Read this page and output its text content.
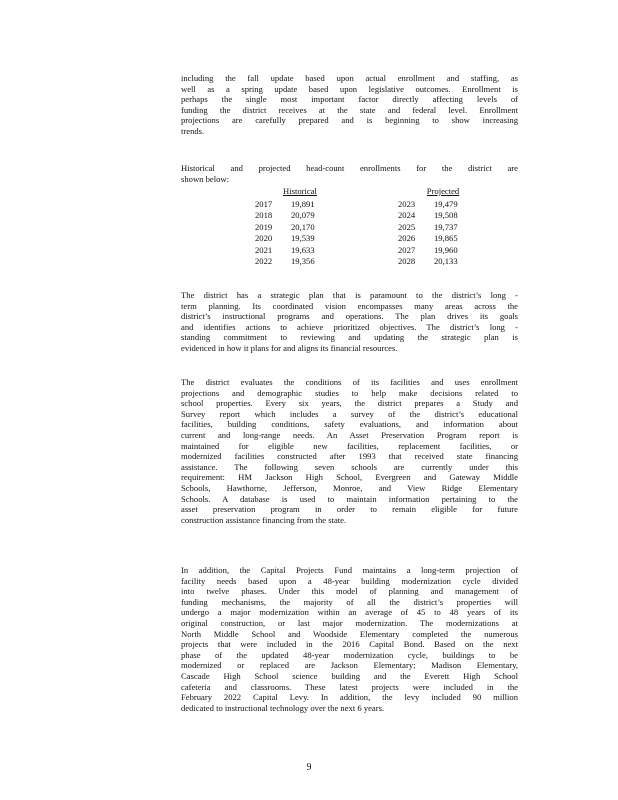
including the fall update based upon actual enrollment and staffing, as
well as a spring update based upon legislative outcomes. Enrollment is
perhaps the single most important factor directly affecting levels of
funding the district receives at the state and federal level. Enrollment
projections are carefully prepared and is beginning to show increasing
trends.

Historical and projected head-count enrollments for the district are
shown below:

Historical
2017 19,891
2018 20,079
2019 20,170
2020 19,539
2021 19,633
2022 19,356
Projected
2023 19,479
2024 19,508
2025 19,737
2026 19,865
2027 19,960
2028 20,133

The district has a strategic plan that is paramount to the district’s long -
term planning. Its coordinated vision encompasses many areas across the
district’s instructional programs and operations. The plan drives its goals
and identifies actions to achieve prioritized objectives. The district’s long -
standing commitment to reviewing and updating the strategic plan is
evidenced in how it plans for and aligns its financial resources.

The district evaluates the conditions of its facilities and uses enrollment
projections and demographic studies to help make decisions related to
school properties. Every six years, the district prepares a Study and
Survey report which includes a survey of the district’s educational
facilities, building conditions, safety evaluations, and information about
current and long-range needs. An Asset Preservation Program report is
maintained for eligible new facilities, replacement facilities, or
modernized facilities constructed after 1993 that received state financing
assistance. The following seven schools are currently under this
requirement: HM Jackson High School, Evergreen and Gateway Middle
Schools, Hawthorne, Jefferson, Monroe, and View Ridge Elementary
Schools. A database is used to maintain information pertaining to the
asset preservation program in order to remain eligible for future
construction assistance financing from the state.

In addition, the Capital Projects Fund maintains a long-term projection of
facility needs based upon a 48-year building modernization cycle divided
into twelve phases. Under this model of planning and management of
funding mechanisms, the majority of all the district’s properties will
undergo a major modernization within an average of 45 to 48 years of its
original construction, or last major modernization. The modernizations at
North Middle School and Woodside Elementary completed the numerous
projects that were included in the 2016 Capital Bond. Based on the next
phase of the updated 48-year modernization cycle, buildings to be
modernized or replaced are Jackson Elementary; Madison Elementary,
Cascade High School science building and the Everett High School
cafeteria and classrooms. These latest projects were included in the
February 2022 Capital Levy. In addition, the levy included 90 million
dedicated to instructional technology over the next 6 years.

9
